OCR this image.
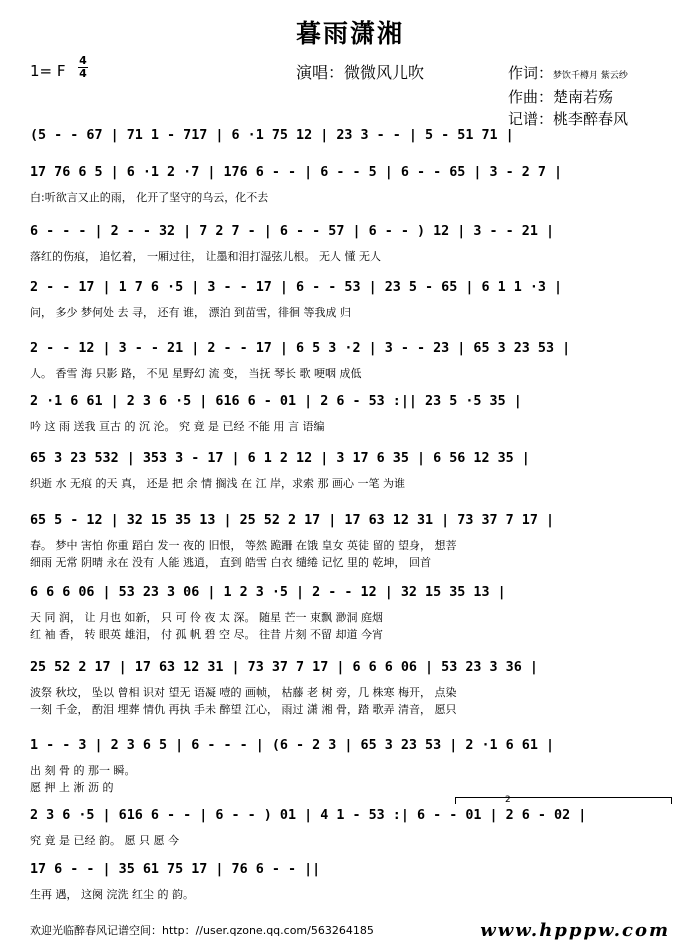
暮雨潇湘
1= F
4
4	演唱：微微风儿吹	作词：梦饮千樽月 紫云纱
作曲：楚南若殇
记谱：桃李醉春风
(5 - - 67 | 71 1 - 717 | 6 ·1 75 12 | 23 3 - - | 5 - 51 71 |
17 76 6 5 | 6 ·1 2 ·7 | 176 6 - - | 6 - - 5 | 6 - - 65 | 3 - 2 7 |
白:听欲言又止的雨， 化开了坚守的乌云，化不去
6 - - - | 2 - - 32 | 7 2 7 - | 6 - - 57 | 6 - - ) 12 | 3 - - 21 |
落红的伤痕， 追忆着， 一厢过往， 让墨和泪打湿弦儿根。 无人 懂 无人
2 - - 17 | 1 7 6 ·5 | 3 - - 17 | 6 - - 53 | 23 5 - 65 | 6 1 1 ·3 |
问， 多少 梦何处 去 寻， 还有 谁， 漂泊 到苗雪，徘徊 等我成 归
2 - - 12 | 3 - - 21 | 2 - - 17 | 6 5 3 ·2 | 3 - - 23 | 65 3 23 53 |
人。 香雪 海 只影 路， 不见 星野幻 流 变， 当抚 琴长 歌 哽咽 成低
2 ·1 6 61 | 2 3 6 ·5 | 616 6 - 01 | 2 6 - 53 :|| 23 5 ·5 35 |
吟 这 雨 送我 亘古 的 沉 沦。 究 竟 是 已经 不能 用 言 语编
65 3 23 532 | 353 3 - 17 | 6 1 2 12 | 3 17 6 35 | 6 56 12 35 |
织逝 水 无痕 的天 真， 还是 把 余 情 搁浅 在 江 岸，求索 那 画心 一笔 为谁
65 5 - 12 | 32 15 35 13 | 25 52 2 17 | 17 63 12 31 | 73 37 7 17 |
春。 梦中 害怕 你重 蹈白 发一 夜的 旧恨， 等然 跪跚 在饿 皇女 英徒 留的 望身， 想菩
细雨 无常 阴晴 永在 没有 人能 逃逍， 直到 皓雪 白衣 缱绻 记忆 里的 乾坤， 回首
6 6 6 06 | 53 23 3 06 | 1 2 3 ·5 | 2 - - 12 | 32 15 35 13 |
天 同 润， 让 月也 如新， 只 可 伶 夜 太 深。 随星 芒一 束飘 渺洞 庭烟
红 袖 香， 转 眼英 雄泪， 付 孤 帆 碧 空 尽。 往昔 片刻 不留 却道 今宵
25 52 2 17 | 17 63 12 31 | 73 37 7 17 | 6 6 6 06 | 53 23 3 36 |
波祭 秋坟， 坠以 曾相 识对 望无 语凝 噎的 画帧， 枯藤 老 树 旁，几 株寒 梅开， 点染
一刻 千金， 酌泪 埋葬 情仇 再执 手未 醉望 江心， 雨过 潇 湘 骨，踏 歌弄 清音， 愿只
1 - - 3 | 2 3 6 5 | 6 - - - | (6 - 2 3 | 65 3 23 53 | 2 ·1 6 61 |
出 刻 骨 的 那一 瞬。
愿 押 上 淅 沥 的
2 3 6 ·5 | 616 6 - - | 6 - - ) 01 | 4 1 - 53 :| 6 - - 01 | 2 6 - 02 |
究 竟 是 已经 韵。 愿 只 愿 今
17 6 - - | 35 61 75 17 | 76 6 - - ||
生再 遇， 这阕 浣洗 红尘 的 韵。
2
欢迎光临醉春风记谱空间：http：//user.qzone.qq.com/563264185	www.hpppw.com
